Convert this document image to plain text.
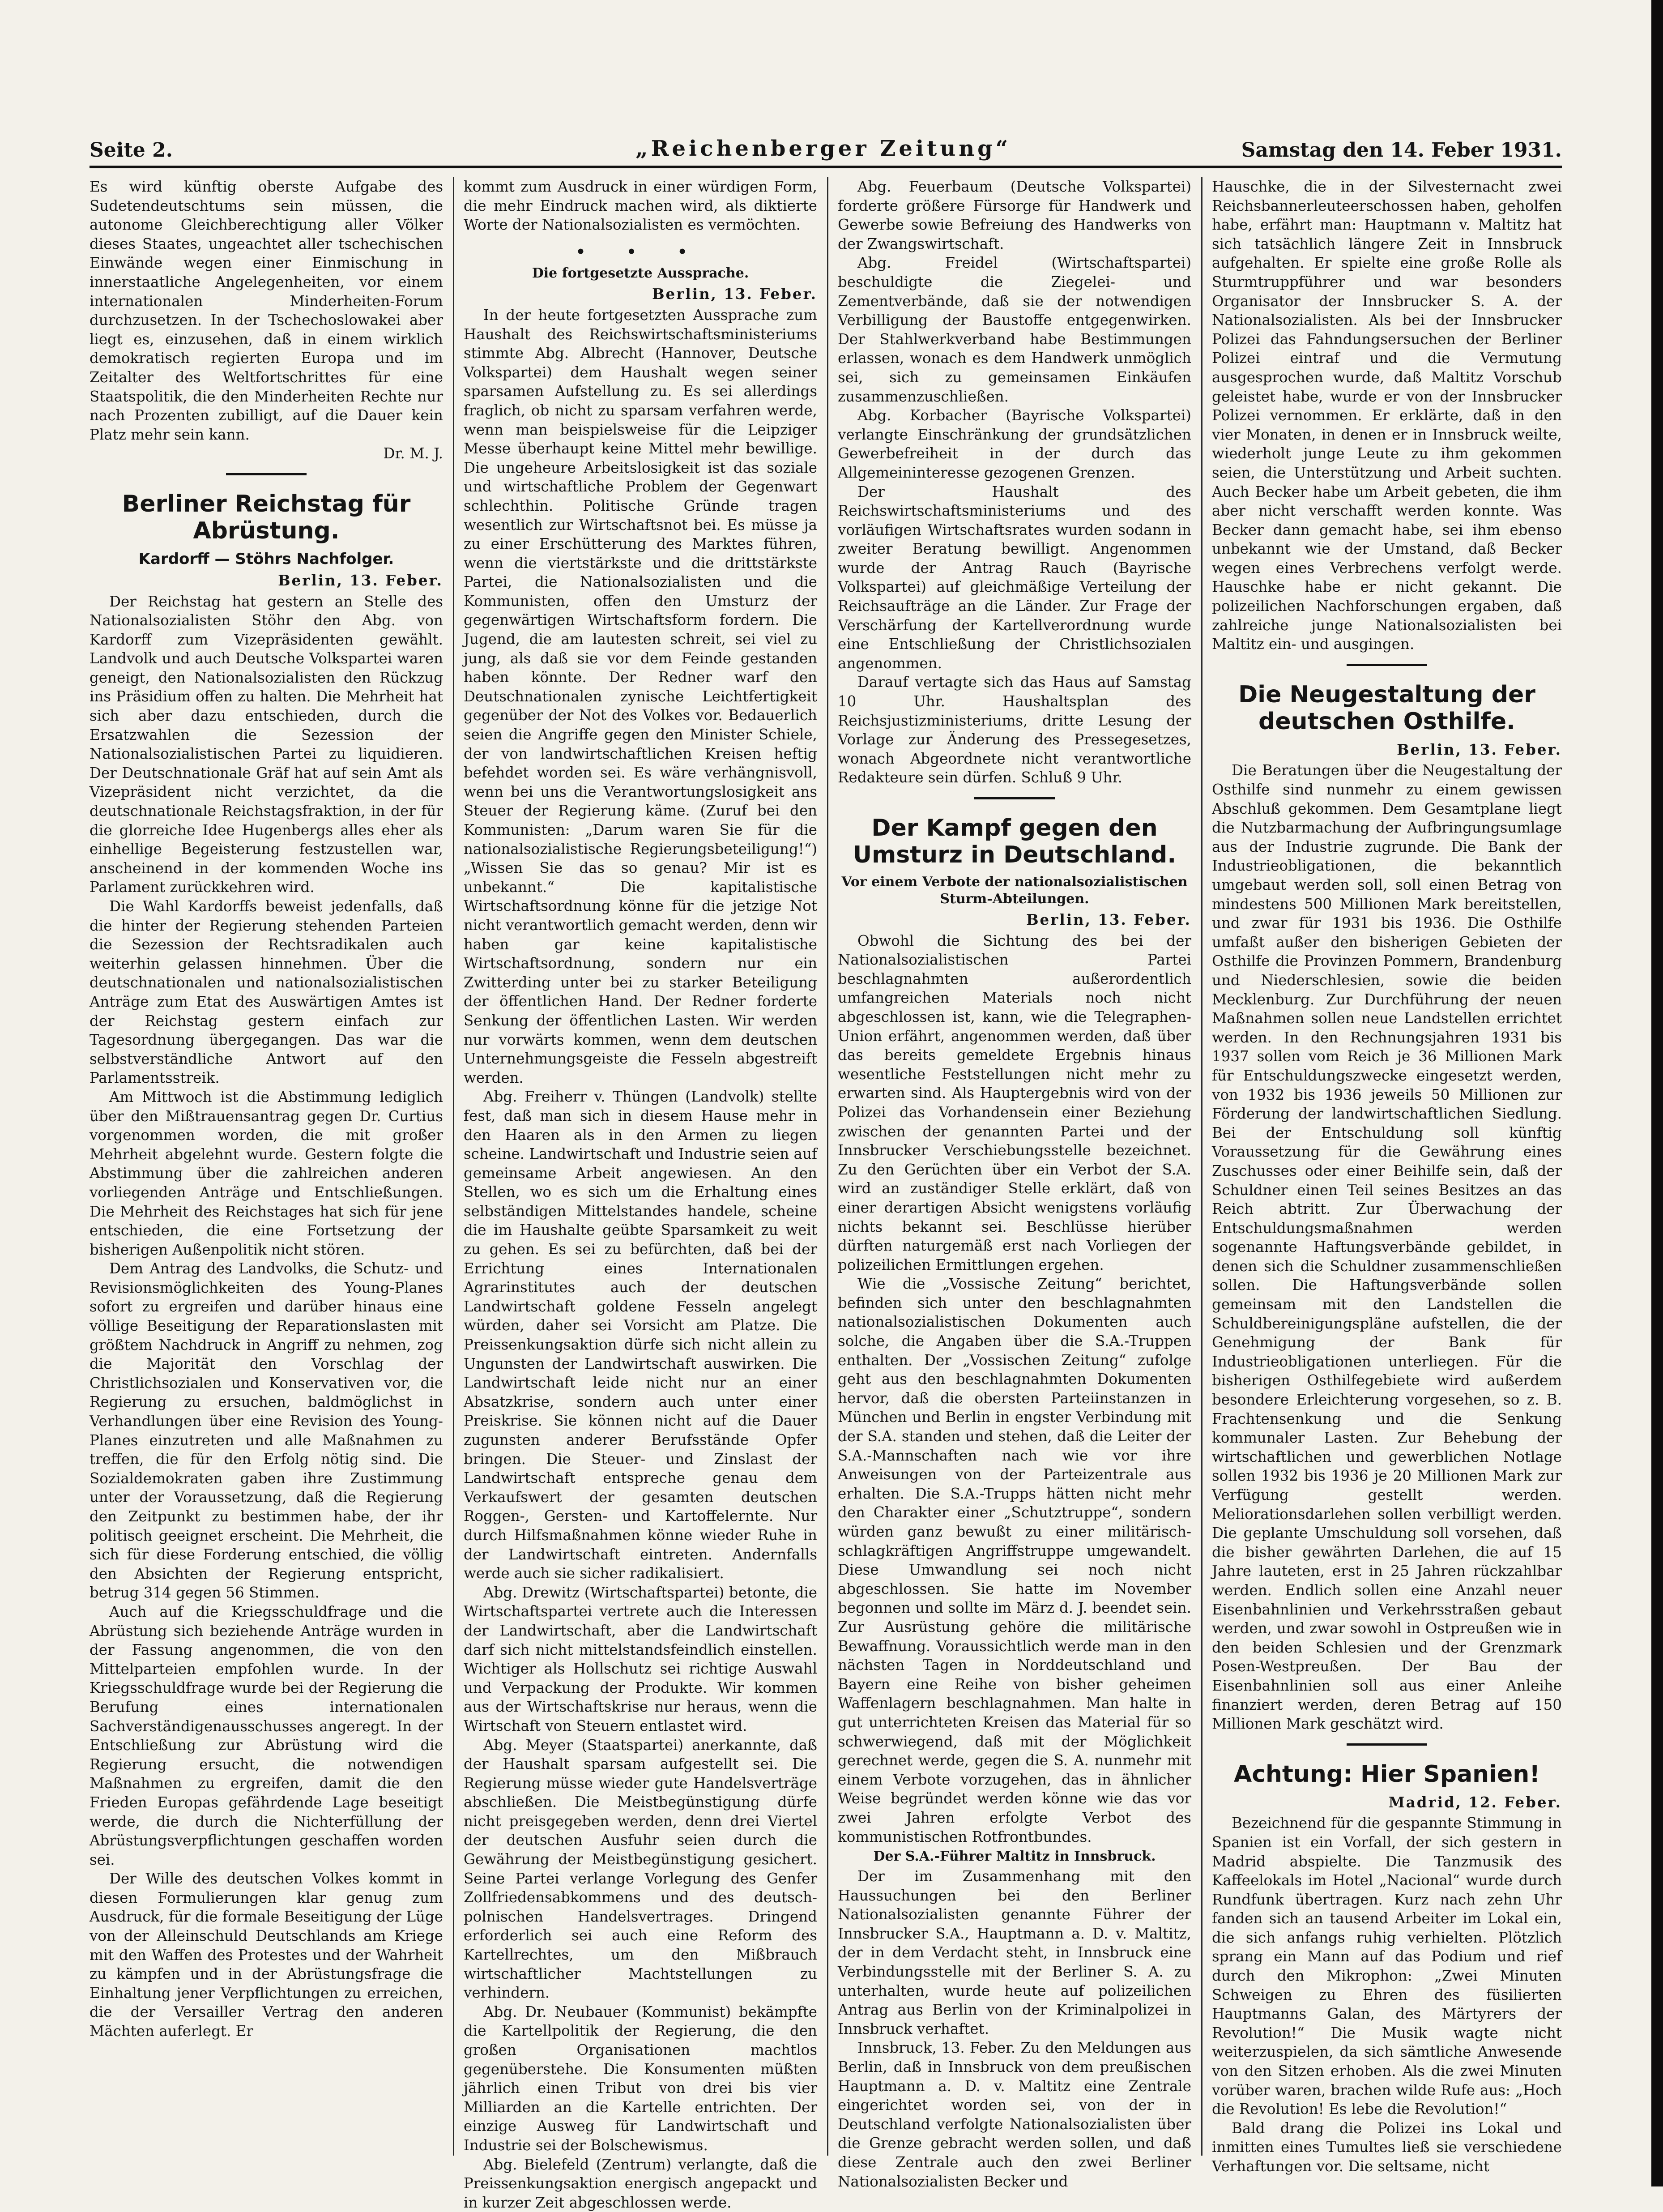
Seite 2.	„Reichenberger Zeitung“	Samstag den 14. Feber 1931.

Es wird künftig oberste Aufgabe des Sudetendeutschtums sein müssen, die autonome Gleichberechtigung aller Völker dieses Staates, ungeachtet aller tschechischen Einwände wegen einer Einmischung in innerstaatliche Angelegenheiten, vor einem internationalen Minderheiten-Forum durchzusetzen. In der Tschechoslowakei aber liegt es, einzusehen, daß in einem wirklich demokratisch regierten Europa und im Zeitalter des Weltfortschrittes für eine Staatspolitik, die den Minderheiten Rechte nur nach Prozenten zubilligt, auf die Dauer kein Platz mehr sein kann.

Dr. M. J.
Berliner Reichstag für Abrüstung.
Kardorff — Stöhrs Nachfolger.
Berlin, 13. Feber.

Der Reichstag hat gestern an Stelle des Nationalsozialisten Stöhr den Abg. von Kardorff zum Vizepräsidenten gewählt. Landvolk und auch Deutsche Volkspartei waren geneigt, den Nationalsozialisten den Rückzug ins Präsidium offen zu halten. Die Mehrheit hat sich aber dazu entschieden, durch die Ersatzwahlen die Sezession der Nationalsozialistischen Partei zu liquidieren. Der Deutschnationale Gräf hat auf sein Amt als Vizepräsident nicht verzichtet, da die deutschnationale Reichstagsfraktion, in der für die glorreiche Idee Hugenbergs alles eher als einhellige Begeisterung festzustellen war, anscheinend in der kommenden Woche ins Parlament zurückkehren wird.

Die Wahl Kardorffs beweist jedenfalls, daß die hinter der Regierung stehenden Parteien die Sezession der Rechtsradikalen auch weiterhin gelassen hinnehmen. Über die deutschnationalen und nationalsozialistischen Anträge zum Etat des Auswärtigen Amtes ist der Reichstag gestern einfach zur Tagesordnung übergegangen. Das war die selbstverständliche Antwort auf den Parlamentsstreik.

Am Mittwoch ist die Abstimmung lediglich über den Mißtrauensantrag gegen Dr. Curtius vorgenommen worden, die mit großer Mehrheit abgelehnt wurde. Gestern folgte die Abstimmung über die zahlreichen anderen vorliegenden Anträge und Entschließungen. Die Mehrheit des Reichstages hat sich für jene entschieden, die eine Fortsetzung der bisherigen Außenpolitik nicht stören.

Dem Antrag des Landvolks, die Schutz- und Revisionsmöglichkeiten des Young-Planes sofort zu ergreifen und darüber hinaus eine völlige Beseitigung der Reparationslasten mit größtem Nachdruck in Angriff zu nehmen, zog die Majorität den Vorschlag der Christlichsozialen und Konservativen vor, die Regierung zu ersuchen, baldmöglichst in Verhandlungen über eine Revision des Young-Planes einzutreten und alle Maßnahmen zu treffen, die für den Erfolg nötig sind. Die Sozialdemokraten gaben ihre Zustimmung unter der Voraussetzung, daß die Regierung den Zeitpunkt zu bestimmen habe, der ihr politisch geeignet erscheint. Die Mehrheit, die sich für diese Forderung entschied, die völlig den Absichten der Regierung entspricht, betrug 314 gegen 56 Stimmen.

Auch auf die Kriegsschuldfrage und die Abrüstung sich beziehende Anträge wurden in der Fassung angenommen, die von den Mittelparteien empfohlen wurde. In der Kriegsschuldfrage wurde bei der Regierung die Berufung eines internationalen Sachverständigenausschusses angeregt. In der Entschließung zur Abrüstung wird die Regierung ersucht, die notwendigen Maßnahmen zu ergreifen, damit die den Frieden Europas gefährdende Lage beseitigt werde, die durch die Nichterfüllung der Abrüstungsverpflichtungen geschaffen worden sei.

Der Wille des deutschen Volkes kommt in diesen Formulierungen klar genug zum Ausdruck, für die formale Beseitigung der Lüge von der Alleinschuld Deutschlands am Kriege mit den Waffen des Protestes und der Wahrheit zu kämpfen und in der Abrüstungsfrage die Einhaltung jener Verpflichtungen zu erreichen, die der Versailler Vertrag den anderen Mächten auferlegt. Er

kommt zum Ausdruck in einer würdigen Form, die mehr Eindruck machen wird, als diktierte Worte der Nationalsozialisten es vermöchten.

• • •
Die fortgesetzte Aussprache.
Berlin, 13. Feber.

In der heute fortgesetzten Aussprache zum Haushalt des Reichswirtschaftsministeriums stimmte Abg. Albrecht (Hannover, Deutsche Volkspartei) dem Haushalt wegen seiner sparsamen Aufstellung zu. Es sei allerdings fraglich, ob nicht zu sparsam verfahren werde, wenn man beispielsweise für die Leipziger Messe überhaupt keine Mittel mehr bewillige. Die ungeheure Arbeitslosigkeit ist das soziale und wirtschaftliche Problem der Gegenwart schlechthin. Politische Gründe tragen wesentlich zur Wirtschaftsnot bei. Es müsse ja zu einer Erschütterung des Marktes führen, wenn die viertstärkste und die drittstärkste Partei, die Nationalsozialisten und die Kommunisten, offen den Umsturz der gegenwärtigen Wirtschaftsform fordern. Die Jugend, die am lautesten schreit, sei viel zu jung, als daß sie vor dem Feinde gestanden haben könnte. Der Redner warf den Deutschnationalen zynische Leichtfertigkeit gegenüber der Not des Volkes vor. Bedauerlich seien die Angriffe gegen den Minister Schiele, der von landwirtschaftlichen Kreisen heftig befehdet worden sei. Es wäre verhängnisvoll, wenn bei uns die Verantwortungslosigkeit ans Steuer der Regierung käme. (Zuruf bei den Kommunisten: „Darum waren Sie für die nationalsozialistische Regierungsbeteiligung!“) „Wissen Sie das so genau? Mir ist es unbekannt.“ Die kapitalistische Wirtschaftsordnung könne für die jetzige Not nicht verantwortlich gemacht werden, denn wir haben gar keine kapitalistische Wirtschaftsordnung, sondern nur ein Zwitterding unter bei zu starker Beteiligung der öffentlichen Hand. Der Redner forderte Senkung der öffentlichen Lasten. Wir werden nur vorwärts kommen, wenn dem deutschen Unternehmungsgeiste die Fesseln abgestreift werden.

Abg. Freiherr v. Thüngen (Landvolk) stellte fest, daß man sich in diesem Hause mehr in den Haaren als in den Armen zu liegen scheine. Landwirtschaft und Industrie seien auf gemeinsame Arbeit angewiesen. An den Stellen, wo es sich um die Erhaltung eines selbständigen Mittelstandes handele, scheine die im Haushalte geübte Sparsamkeit zu weit zu gehen. Es sei zu befürchten, daß bei der Errichtung eines Internationalen Agrarinstitutes auch der deutschen Landwirtschaft goldene Fesseln angelegt würden, daher sei Vorsicht am Platze. Die Preissenkungsaktion dürfe sich nicht allein zu Ungunsten der Landwirtschaft auswirken. Die Landwirtschaft leide nicht nur an einer Absatzkrise, sondern auch unter einer Preiskrise. Sie können nicht auf die Dauer zugunsten anderer Berufsstände Opfer bringen. Die Steuer- und Zinslast der Landwirtschaft entspreche genau dem Verkaufswert der gesamten deutschen Roggen-, Gersten- und Kartoffelernte. Nur durch Hilfsmaßnahmen könne wieder Ruhe in der Landwirtschaft eintreten. Andernfalls werde auch sie sicher radikalisiert.

Abg. Drewitz (Wirtschaftspartei) betonte, die Wirtschaftspartei vertrete auch die Interessen der Landwirtschaft, aber die Landwirtschaft darf sich nicht mittelstandsfeindlich einstellen. Wichtiger als Hollschutz sei richtige Auswahl und Verpackung der Produkte. Wir kommen aus der Wirtschaftskrise nur heraus, wenn die Wirtschaft von Steuern entlastet wird.

Abg. Meyer (Staatspartei) anerkannte, daß der Haushalt sparsam aufgestellt sei. Die Regierung müsse wieder gute Handelsverträge abschließen. Die Meistbegünstigung dürfe nicht preisgegeben werden, denn drei Viertel der deutschen Ausfuhr seien durch die Gewährung der Meistbegünstigung gesichert. Seine Partei verlange Vorlegung des Genfer Zollfriedensabkommens und des deutsch-polnischen Handelsvertrages. Dringend erforderlich sei auch eine Reform des Kartellrechtes, um den Mißbrauch wirtschaftlicher Machtstellungen zu verhindern.

Abg. Dr. Neubauer (Kommunist) bekämpfte die Kartellpolitik der Regierung, die den großen Organisationen machtlos gegenüberstehe. Die Konsumenten müßten jährlich einen Tribut von drei bis vier Milliarden an die Kartelle entrichten. Der einzige Ausweg für Landwirtschaft und Industrie sei der Bolschewismus.

Abg. Bielefeld (Zentrum) verlangte, daß die Preissenkungsaktion energisch angepackt und in kurzer Zeit abgeschlossen werde.

Abg. Feuerbaum (Deutsche Volkspartei) forderte größere Fürsorge für Handwerk und Gewerbe sowie Befreiung des Handwerks von der Zwangswirtschaft.

Abg. Freidel (Wirtschaftspartei) beschuldigte die Ziegelei- und Zementverbände, daß sie der notwendigen Verbilligung der Baustoffe entgegenwirken. Der Stahlwerkverband habe Bestimmungen erlassen, wonach es dem Handwerk unmöglich sei, sich zu gemeinsamen Einkäufen zusammenzuschließen.

Abg. Korbacher (Bayrische Volkspartei) verlangte Einschränkung der grundsätzlichen Gewerbefreiheit in der durch das Allgemeininteresse gezogenen Grenzen.

Der Haushalt des Reichswirtschaftsministeriums und des vorläufigen Wirtschaftsrates wurden sodann in zweiter Beratung bewilligt. Angenommen wurde der Antrag Rauch (Bayrische Volkspartei) auf gleichmäßige Verteilung der Reichsaufträge an die Länder. Zur Frage der Verschärfung der Kartellverordnung wurde eine Entschließung der Christlichsozialen angenommen.

Darauf vertagte sich das Haus auf Samstag 10 Uhr. Haushaltsplan des Reichsjustizministeriums, dritte Lesung der Vorlage zur Änderung des Pressegesetzes, wonach Abgeordnete nicht verantwortliche Redakteure sein dürfen. Schluß 9 Uhr.

Der Kampf gegen den Umsturz in Deutschland.
Vor einem Verbote der nationalsozialistischen Sturm-Abteilungen.
Berlin, 13. Feber.

Obwohl die Sichtung des bei der Nationalsozialistischen Partei beschlagnahmten außerordentlich umfangreichen Materials noch nicht abgeschlossen ist, kann, wie die Telegraphen-Union erfährt, angenommen werden, daß über das bereits gemeldete Ergebnis hinaus wesentliche Feststellungen nicht mehr zu erwarten sind. Als Hauptergebnis wird von der Polizei das Vorhandensein einer Beziehung zwischen der genannten Partei und der Innsbrucker Verschiebungsstelle bezeichnet. Zu den Gerüchten über ein Verbot der S.A. wird an zuständiger Stelle erklärt, daß von einer derartigen Absicht wenigstens vorläufig nichts bekannt sei. Beschlüsse hierüber dürften naturgemäß erst nach Vorliegen der polizeilichen Ermittlungen ergehen.

Wie die „Vossische Zeitung“ berichtet, befinden sich unter den beschlagnahmten nationalsozialistischen Dokumenten auch solche, die Angaben über die S.A.-Truppen enthalten. Der „Vossischen Zeitung“ zufolge geht aus den beschlagnahmten Dokumenten hervor, daß die obersten Parteiinstanzen in München und Berlin in engster Verbindung mit der S.A. standen und stehen, daß die Leiter der S.A.-Mannschaften nach wie vor ihre Anweisungen von der Parteizentrale aus erhalten. Die S.A.-Trupps hätten nicht mehr den Charakter einer „Schutztruppe“, sondern würden ganz bewußt zu einer militärisch-schlagkräftigen Angriffstruppe umgewandelt. Diese Umwandlung sei noch nicht abgeschlossen. Sie hatte im November begonnen und sollte im März d. J. beendet sein. Zur Ausrüstung gehöre die militärische Bewaffnung. Voraussichtlich werde man in den nächsten Tagen in Norddeutschland und Bayern eine Reihe von bisher geheimen Waffenlagern beschlagnahmen. Man halte in gut unterrichteten Kreisen das Material für so schwerwiegend, daß mit der Möglichkeit gerechnet werde, gegen die S. A. nunmehr mit einem Verbote vorzugehen, das in ähnlicher Weise begründet werden könne wie das vor zwei Jahren erfolgte Verbot des kommunistischen Rotfrontbundes.

Der S.A.-Führer Maltitz in Innsbruck.

Der im Zusammenhang mit den Haussuchungen bei den Berliner Nationalsozialisten genannte Führer der Innsbrucker S.A., Hauptmann a. D. v. Maltitz, der in dem Verdacht steht, in Innsbruck eine Verbindungsstelle mit der Berliner S. A. zu unterhalten, wurde heute auf polizeilichen Antrag aus Berlin von der Kriminalpolizei in Innsbruck verhaftet.

Innsbruck, 13. Feber. Zu den Meldungen aus Berlin, daß in Innsbruck von dem preußischen Hauptmann a. D. v. Maltitz eine Zentrale eingerichtet worden sei, von der in Deutschland verfolgte Nationalsozialisten über die Grenze gebracht werden sollen, und daß diese Zentrale auch den zwei Berliner Nationalsozialisten Becker und

Hauschke, die in der Silvesternacht zwei Reichsbannerleuteerschossen haben, geholfen habe, erfährt man: Hauptmann v. Maltitz hat sich tatsächlich längere Zeit in Innsbruck aufgehalten. Er spielte eine große Rolle als Sturmtruppführer und war besonders Organisator der Innsbrucker S. A. der Nationalsozialisten. Als bei der Innsbrucker Polizei das Fahndungsersuchen der Berliner Polizei eintraf und die Vermutung ausgesprochen wurde, daß Maltitz Vorschub geleistet habe, wurde er von der Innsbrucker Polizei vernommen. Er erklärte, daß in den vier Monaten, in denen er in Innsbruck weilte, wiederholt junge Leute zu ihm gekommen seien, die Unterstützung und Arbeit suchten. Auch Becker habe um Arbeit gebeten, die ihm aber nicht verschafft werden konnte. Was Becker dann gemacht habe, sei ihm ebenso unbekannt wie der Umstand, daß Becker wegen eines Verbrechens verfolgt werde. Hauschke habe er nicht gekannt. Die polizeilichen Nachforschungen ergaben, daß zahlreiche junge Nationalsozialisten bei Maltitz ein- und ausgingen.

Die Neugestaltung der deutschen Osthilfe.
Berlin, 13. Feber.

Die Beratungen über die Neugestaltung der Osthilfe sind nunmehr zu einem gewissen Abschluß gekommen. Dem Gesamtplane liegt die Nutzbarmachung der Aufbringungsumlage aus der Industrie zugrunde. Die Bank der Industrieobligationen, die bekanntlich umgebaut werden soll, soll einen Betrag von mindestens 500 Millionen Mark bereitstellen, und zwar für 1931 bis 1936. Die Osthilfe umfaßt außer den bisherigen Gebieten der Osthilfe die Provinzen Pommern, Brandenburg und Niederschlesien, sowie die beiden Mecklenburg. Zur Durchführung der neuen Maßnahmen sollen neue Landstellen errichtet werden. In den Rechnungsjahren 1931 bis 1937 sollen vom Reich je 36 Millionen Mark für Entschuldungszwecke eingesetzt werden, von 1932 bis 1936 jeweils 50 Millionen zur Förderung der landwirtschaftlichen Siedlung. Bei der Entschuldung soll künftig Voraussetzung für die Gewährung eines Zuschusses oder einer Beihilfe sein, daß der Schuldner einen Teil seines Besitzes an das Reich abtritt. Zur Überwachung der Entschuldungsmaßnahmen werden sogenannte Haftungsverbände gebildet, in denen sich die Schuldner zusammenschließen sollen. Die Haftungsverbände sollen gemeinsam mit den Landstellen die Schuldbereinigungspläne aufstellen, die der Genehmigung der Bank für Industrieobligationen unterliegen. Für die bisherigen Osthilfegebiete wird außerdem besondere Erleichterung vorgesehen, so z. B. Frachtensenkung und die Senkung kommunaler Lasten. Zur Behebung der wirtschaftlichen und gewerblichen Notlage sollen 1932 bis 1936 je 20 Millionen Mark zur Verfügung gestellt werden. Meliorationsdarlehen sollen verbilligt werden. Die geplante Umschuldung soll vorsehen, daß die bisher gewährten Darlehen, die auf 15 Jahre lauteten, erst in 25 Jahren rückzahlbar werden. Endlich sollen eine Anzahl neuer Eisenbahnlinien und Verkehrsstraßen gebaut werden, und zwar sowohl in Ostpreußen wie in den beiden Schlesien und der Grenzmark Posen-Westpreußen. Der Bau der Eisenbahnlinien soll aus einer Anleihe finanziert werden, deren Betrag auf 150 Millionen Mark geschätzt wird.

Achtung: Hier Spanien!
Madrid, 12. Feber.

Bezeichnend für die gespannte Stimmung in Spanien ist ein Vorfall, der sich gestern in Madrid abspielte. Die Tanzmusik des Kaffeelokals im Hotel „Nacional“ wurde durch Rundfunk übertragen. Kurz nach zehn Uhr fanden sich an tausend Arbeiter im Lokal ein, die sich anfangs ruhig verhielten. Plötzlich sprang ein Mann auf das Podium und rief durch den Mikrophon: „Zwei Minuten Schweigen zu Ehren des füsilierten Hauptmanns Galan, des Märtyrers der Revolution!“ Die Musik wagte nicht weiterzuspielen, da sich sämtliche Anwesende von den Sitzen erhoben. Als die zwei Minuten vorüber waren, brachen wilde Rufe aus: „Hoch die Revolution! Es lebe die Revolution!“

Bald drang die Polizei ins Lokal und inmitten eines Tumultes ließ sie verschiedene Verhaftungen vor. Die seltsame, nicht
